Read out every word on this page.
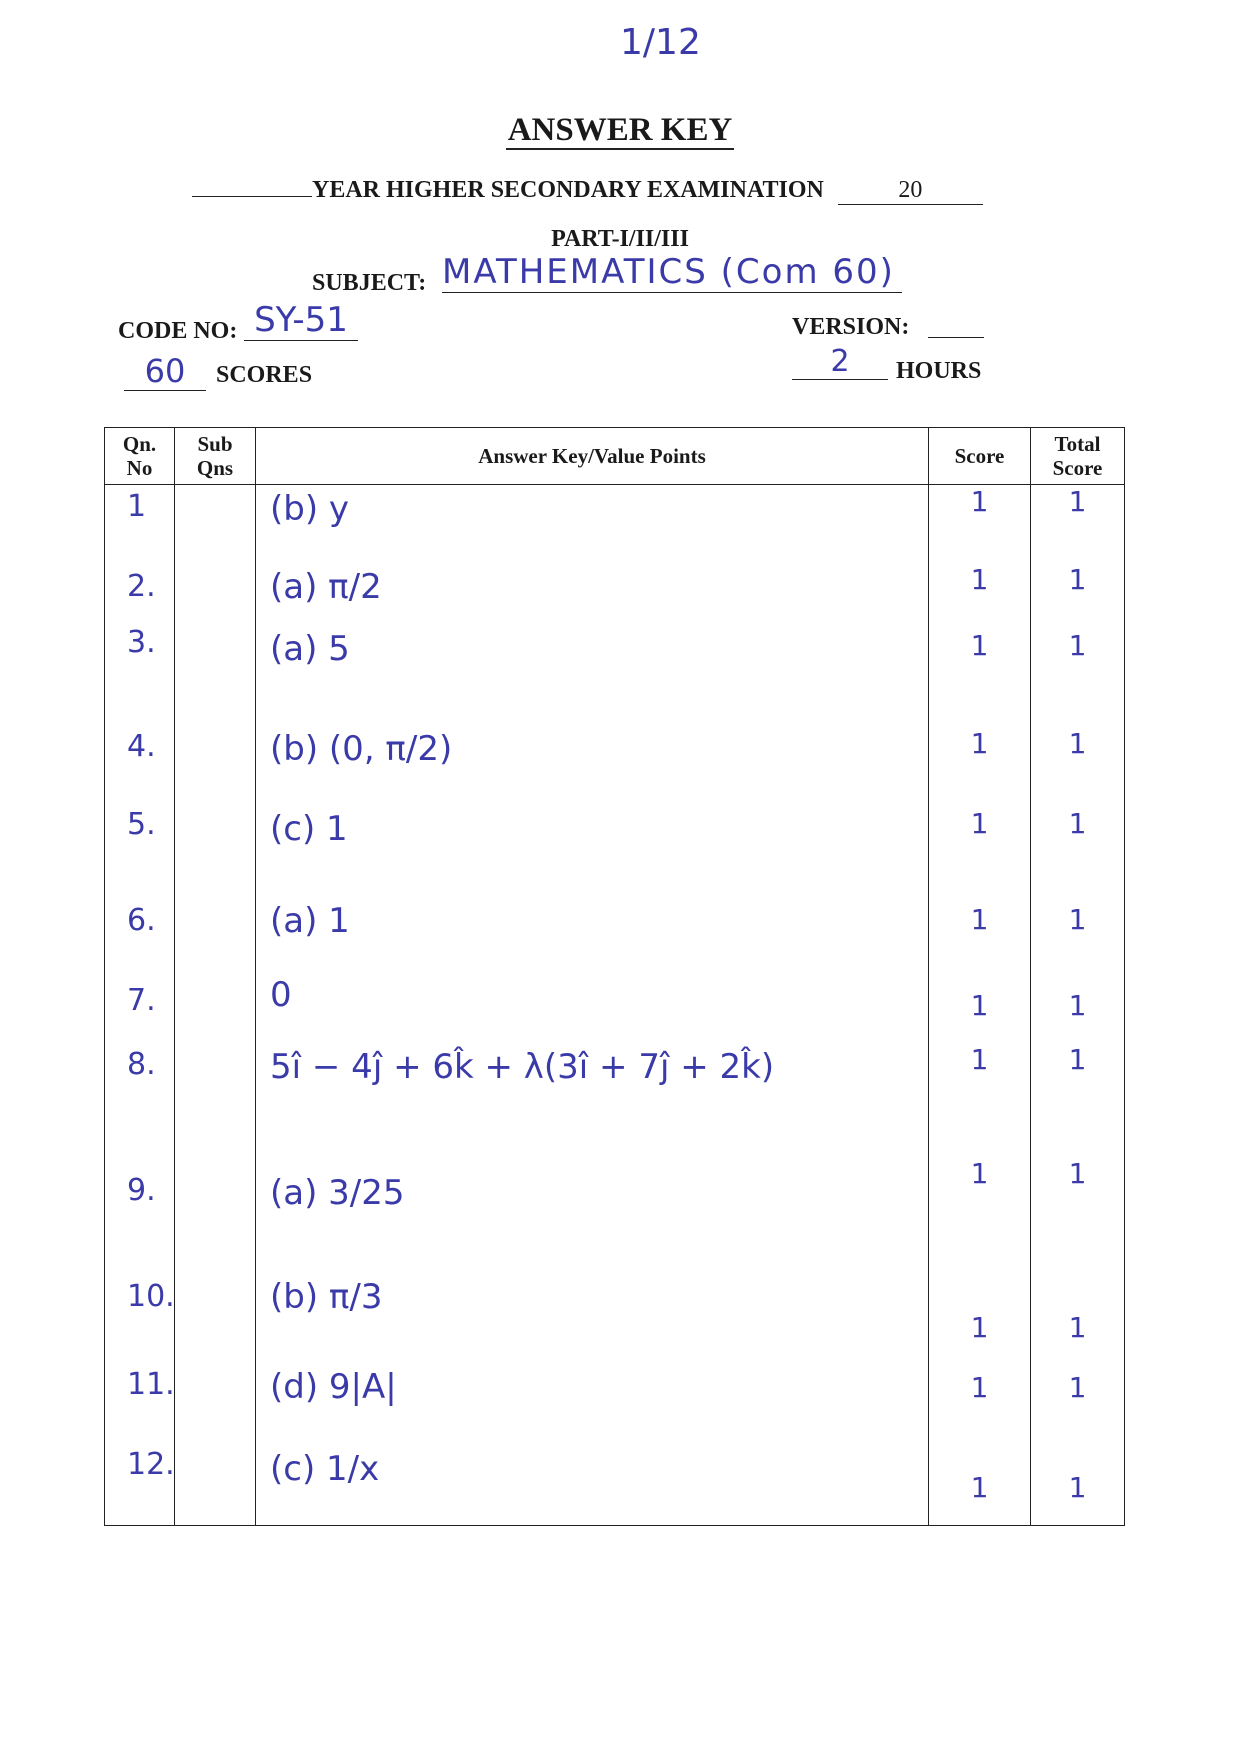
1/12
ANSWER KEY
YEAR HIGHER SECONDARY EXAMINATION	20
PART-I/II/III
SUBJECT: MATHEMATICS (Com 60)
CODE NO: SY-51	VERSION:
60	SCORES	2	HOURS
Qn. No	Sub Qns	Answer Key/Value Points	Score	Total Score

1		(b) y	1	1

2.		(a) π/2	1	1

3.		(a) 5	1	1

4.		(b) (0, π/2)	1	1

5.		(c) 1	1	1

6.		(a) 1	1	1

7.		0	1	1

8.		5î − 4ĵ + 6k̂ + λ(3î + 7ĵ + 2k̂)	1	1

9.		(a) 3/25	1	1

10.		(b) π/3	1	1

11.		(d) 9|A|	1	1

12.		(c) 1/x	1	1
